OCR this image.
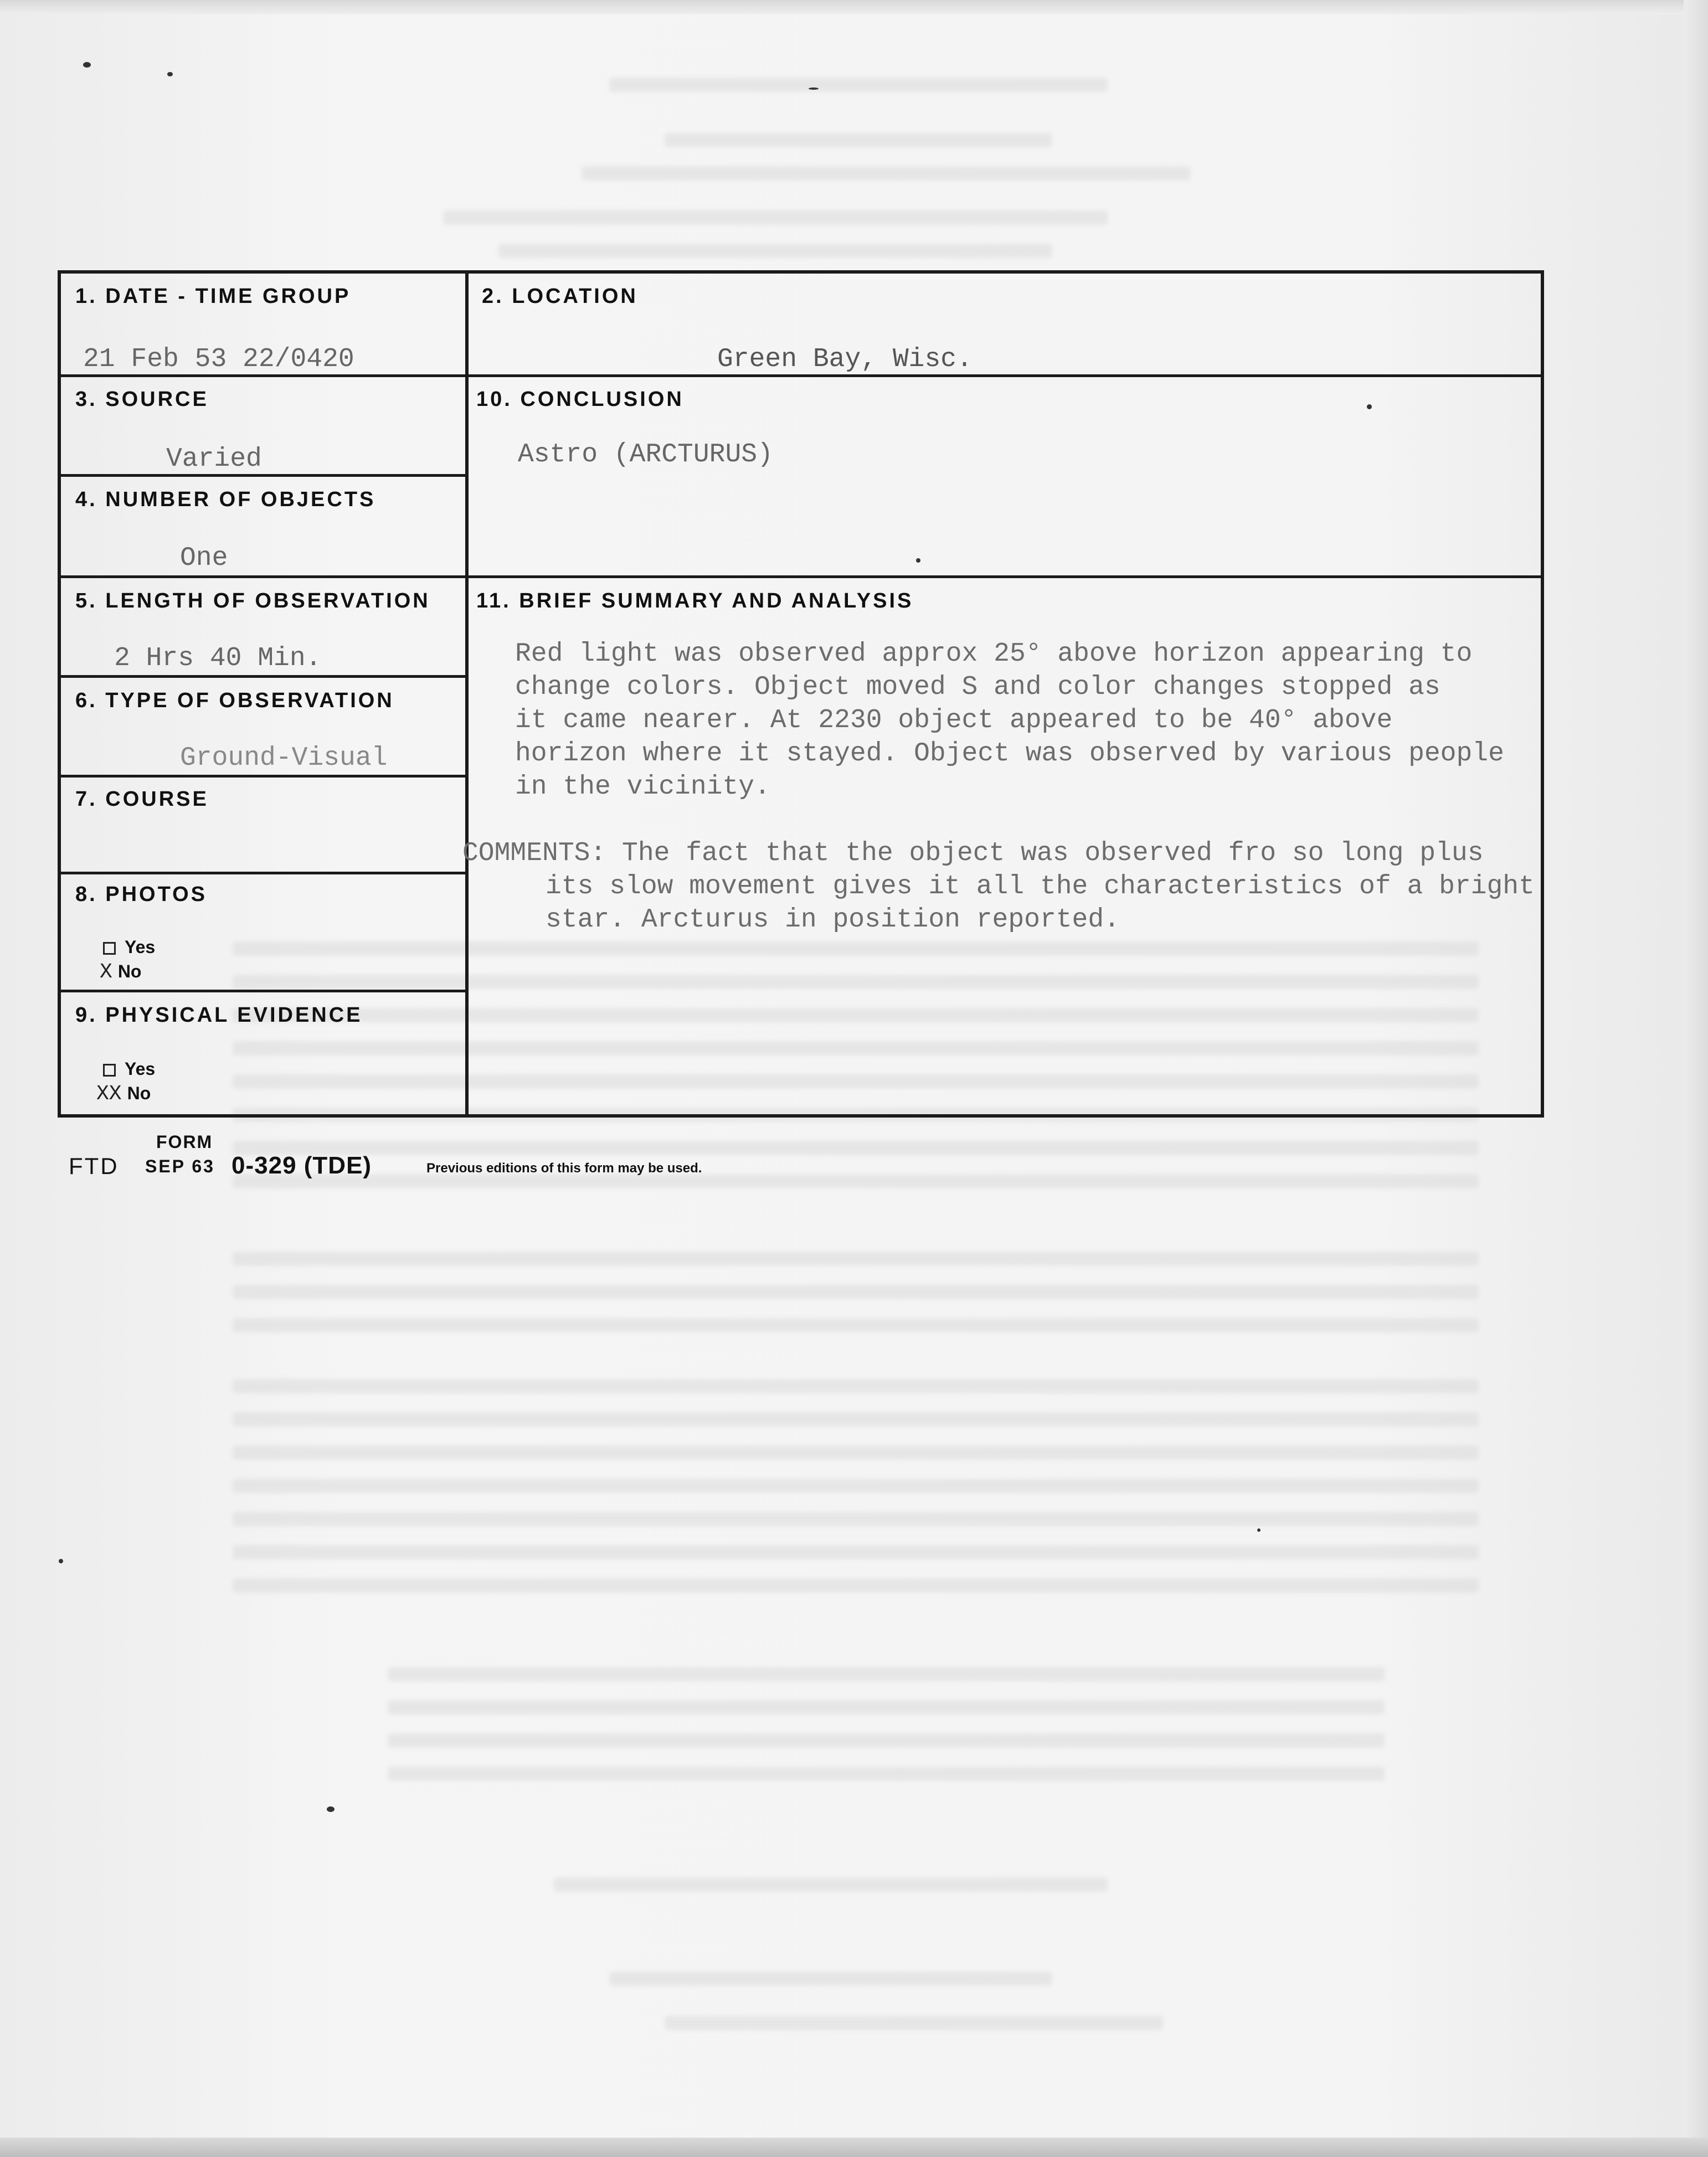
1. DATE - TIME GROUP
21 Feb 53 22/0420
2. LOCATION
Green Bay, Wisc.
3. SOURCE
Varied
10. CONCLUSION
Astro (ARCTURUS)
4. NUMBER OF OBJECTS
One
5. LENGTH OF OBSERVATION
2 Hrs 40 Min.
11. BRIEF SUMMARY AND ANALYSIS
Red light was observed approx 25° above horizon appearing to
change colors. Object moved S and color changes stopped as
it came nearer. At 2230 object appeared to be 40° above
horizon where it stayed. Object was observed by various people
in the vicinity.
COMMENTS: The fact that the object was observed fro so long plus
its slow movement gives it all the characteristics of a bright
star. Arcturus in position reported.
6. TYPE OF OBSERVATION
Ground-Visual
7. COURSE
8. PHOTOS
Yes
X No
9. PHYSICAL EVIDENCE
Yes
XX No
FORM
FTD SEP 63 0-329 (TDE)	Previous editions of this form may be used.
